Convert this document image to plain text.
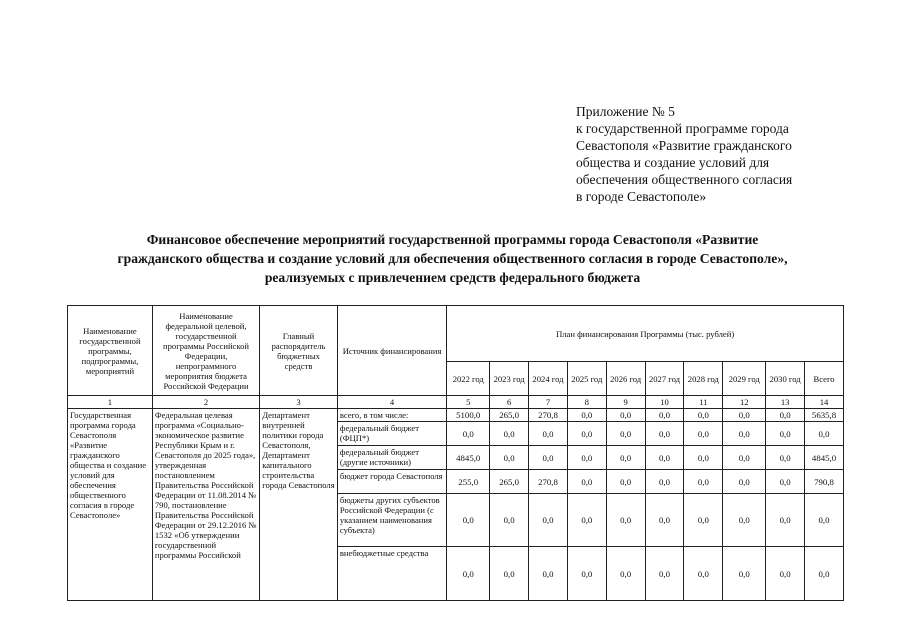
Приложение № 5
к государственной программе города
Севастополя «Развитие гражданского
общества и создание условий для
обеспечения общественного согласия
в городе Севастополе»
Финансовое обеспечение мероприятий государственной программы города Севастополя «Развитие
гражданского общества и создание условий для обеспечения общественного согласия в городе Севастополе»,
реализуемых с привлечением средств федерального бюджета
Наименование государственной программы, подпрограммы, мероприятий	Наименование федеральной целевой, государственной программы Российской Федерации, непрограммного мероприятия бюджета Российской Федерации	Главный распорядитель бюджетных средств	Источник финансирования	План финансирования Программы (тыс. рублей)									
				2022 год	2023 год	2024 год	2025 год	2026 год	2027 год	2028 год	2029 год	2030 год	Всего
1	2	3	4	5	6	7	8	9	10	11	12	13	14
Государственная программа города Севастополя «Развитие гражданского общества и создание условий для обеспечения общественного согласия в городе Севастополе»	Федеральная целевая программа «Социально-экономическое развитие Республики Крым и г. Севастополя до 2025 года», утвержденная постановлением Правительства Российской Федерации от 11.08.2014 № 790, постановление Правительства Российской Федерации от 29.12.2016 № 1532 «Об утверждении государственной программы Российской	Департамент внутренней политики города Севастополя, Департамент капитального строительства города Севастополя	всего, в том числе:	5100,0	265,0	270,8	0,0	0,0	0,0	0,0	0,0	0,0	5635,8
			федеральный бюджет (ФЦП*)	0,0	0,0	0,0	0,0	0,0	0,0	0,0	0,0	0,0	0,0
			федеральный бюджет (другие источники)	4845,0	0,0	0,0	0,0	0,0	0,0	0,0	0,0	0,0	4845,0
			бюджет города Севастополя	255,0	265,0	270,8	0,0	0,0	0,0	0,0	0,0	0,0	790,8
			бюджеты других субъектов Российской Федерации (с указанием наименования субъекта)	0,0	0,0	0,0	0,0	0,0	0,0	0,0	0,0	0,0	0,0
			внебюджетные средства	0,0	0,0	0,0	0,0	0,0	0,0	0,0	0,0	0,0	0,0
